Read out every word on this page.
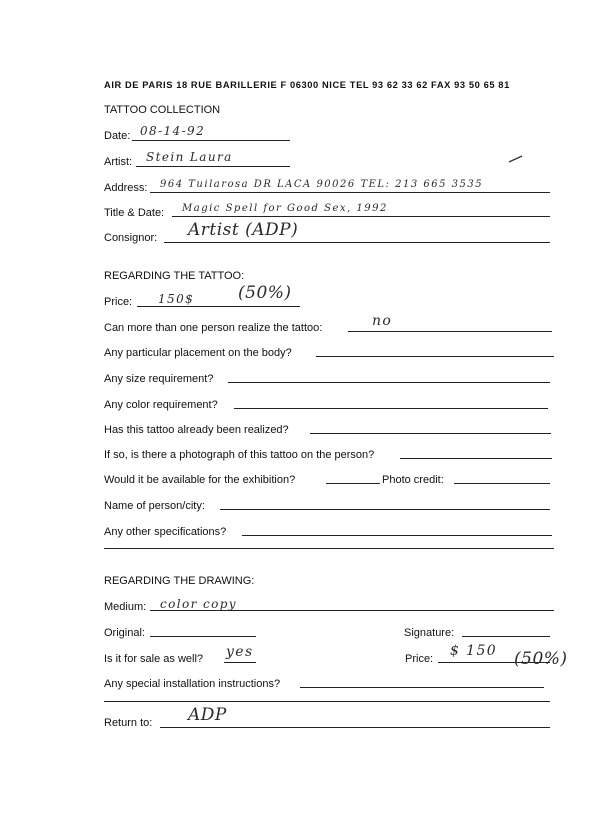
AIR DE PARIS 18 RUE BARILLERIE F 06300 NICE TEL 93 62 33 62 FAX 93 50 65 81
TATTOO COLLECTION
Date: 08-14-92
Artist: Stein Laura
Address: 964 Tuilarosa DR LACA 90026 TEL: 213 665 3535
Title & Date: Magic Spell for Good Sex, 1992
Consignor: Artist (ADP)
REGARDING THE TATTOO:
Price: 150$	(50%)
Can more than one person realize the tattoo:	no
Any particular placement on the body?
Any size requirement?
Any color requirement?
Has this tattoo already been realized?
If so, is there a photograph of this tattoo on the person?
Would it be available for the exhibition?	Photo credit:
Name of person/city:
Any other specifications?
REGARDING THE DRAWING:
Medium: color copy
Original:	Signature:
Is it for sale as well? yes	Price: $ 150 (50%)
Any special installation instructions?
Return to: ADP
